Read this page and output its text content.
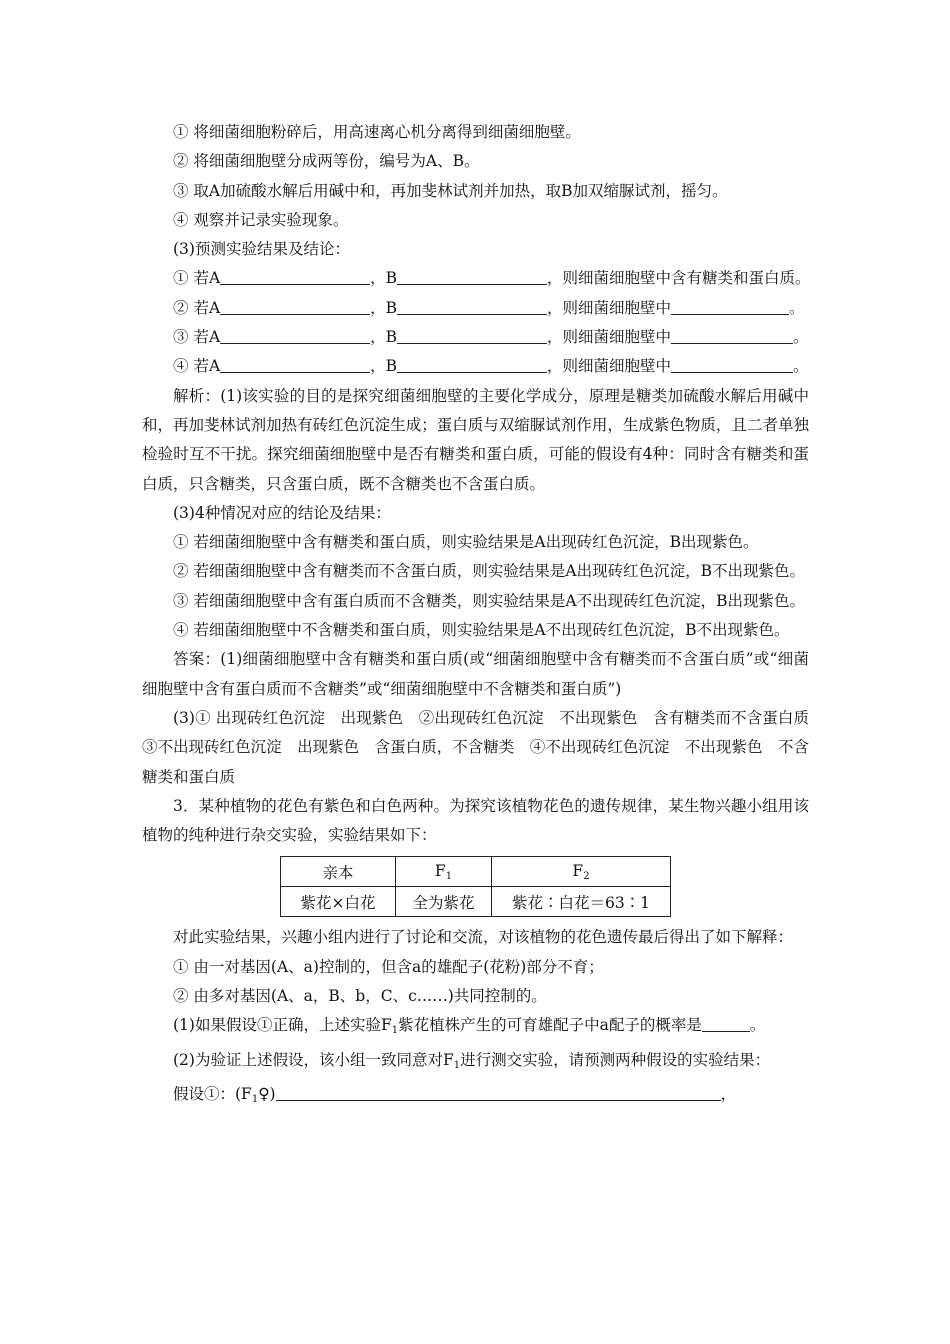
① 将细菌细胞粉碎后，用高速离心机分离得到细菌细胞壁。
② 将细菌细胞壁分成两等份，编号为A、B。
③ 取A加硫酸水解后用碱中和，再加斐林试剂并加热，取B加双缩脲试剂，摇匀。
④ 观察并记录实验现象。
(3)预测实验结果及结论：
① 若A	，B	，则细菌细胞壁中含有糖类和蛋白质。
② 若A	，B	，则细菌细胞壁中	。
③ 若A	，B	，则细菌细胞壁中	。
④ 若A	，B	，则细菌细胞壁中	。
解析：(1)该实验的目的是探究细菌细胞壁的主要化学成分，原理是糖类加硫酸水解后用碱中和，再加斐林试剂加热有砖红色沉淀生成；蛋白质与双缩脲试剂作用，生成紫色物质，且二者单独检验时互不干扰。探究细菌细胞壁中是否有糖类和蛋白质，可能的假设有4种：同时含有糖类和蛋白质，只含糖类，只含蛋白质，既不含糖类也不含蛋白质。
(3)4种情况对应的结论及结果：
① 若细菌细胞壁中含有糖类和蛋白质，则实验结果是A出现砖红色沉淀，B出现紫色。
② 若细菌细胞壁中含有糖类而不含蛋白质，则实验结果是A出现砖红色沉淀，B不出现紫色。
③ 若细菌细胞壁中含有蛋白质而不含糖类，则实验结果是A不出现砖红色沉淀，B出现紫色。
④ 若细菌细胞壁中不含糖类和蛋白质，则实验结果是A不出现砖红色沉淀，B不出现紫色。
答案：(1)细菌细胞壁中含有糖类和蛋白质(或“细菌细胞壁中含有糖类而不含蛋白质”或“细菌细胞壁中含有蛋白质而不含糖类”或“细菌细胞壁中不含糖类和蛋白质”)
(3)① 出现砖红色沉淀　出现紫色　②出现砖红色沉淀　不出现紫色　含有糖类而不含蛋白质　③不出现砖红色沉淀　出现紫色　含蛋白质，不含糖类　④不出现砖红色沉淀　不出现紫色　不含糖类和蛋白质
3．某种植物的花色有紫色和白色两种。为探究该植物花色的遗传规律，某生物兴趣小组用该植物的纯种进行杂交实验，实验结果如下：
亲本	$F_1$	$F_2$
紫花×白花	全为紫花	紫花∶白花＝63∶1
对此实验结果，兴趣小组内进行了讨论和交流，对该植物的花色遗传最后得出了如下解释：
① 由一对基因(A、a)控制的，但含a的雄配子(花粉)部分不育；
② 由多对基因(A、a，B、b，C、c……)共同控制的。
(1)如果假设①正确，上述实验$F_1$紫花植株产生的可育雄配子中a配子的概率是	。
(2)为验证上述假设，该小组一致同意对$F_1$进行测交实验，请预测两种假设的实验结果：
假设①：$(F_1♀)$	，
